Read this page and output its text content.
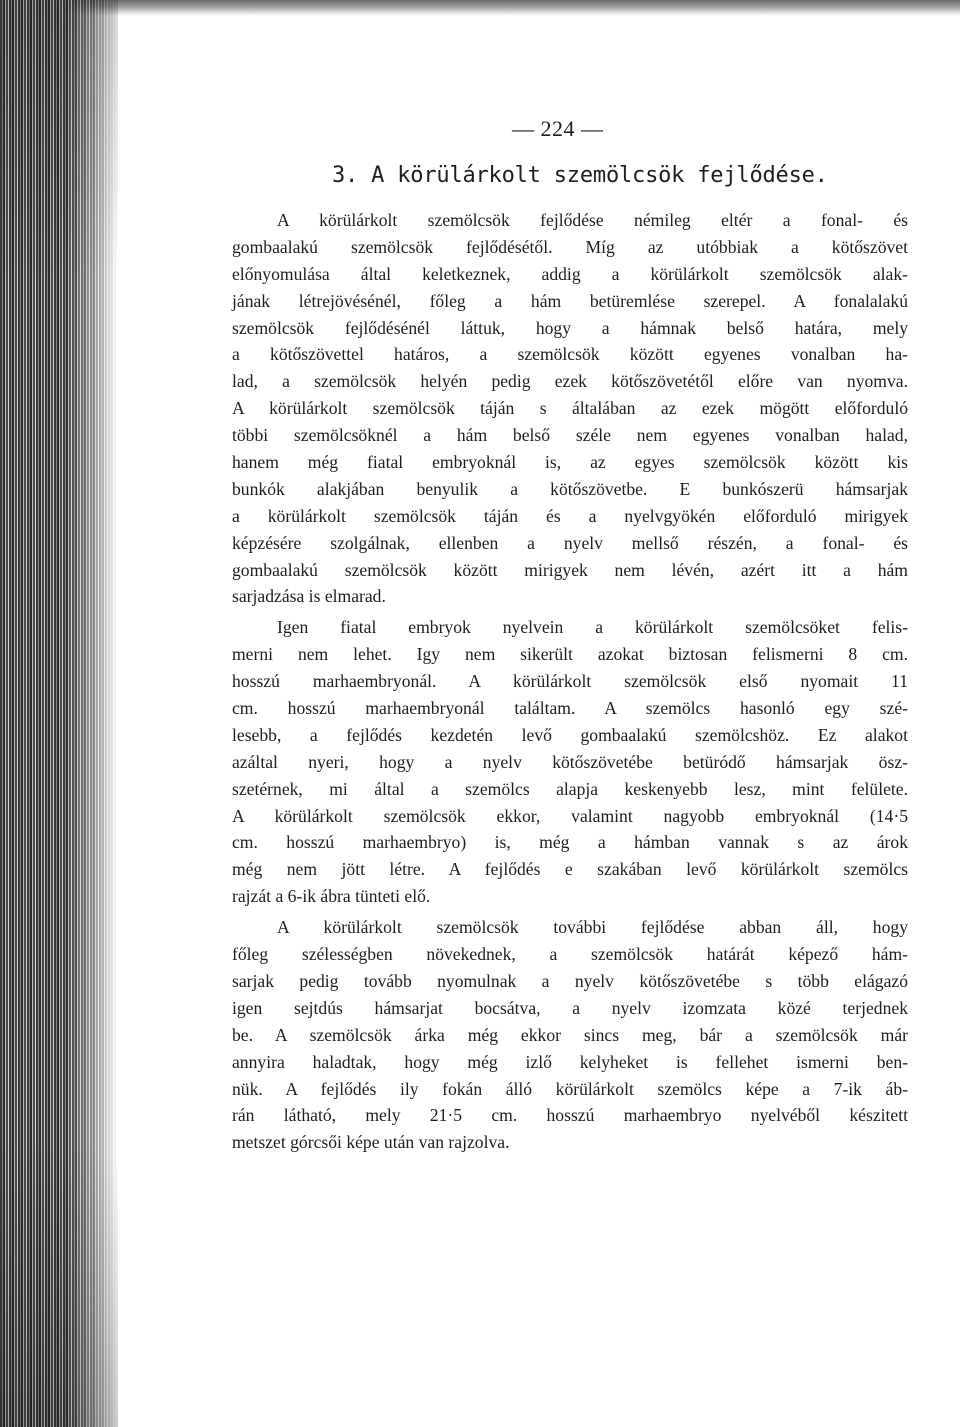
— 224 —
3. A körülárkolt szemölcsök fejlődése.
A körülárkolt szemölcsök fejlődése némileg eltér a fonal- és
gombaalakú szemölcsök fejlődésétől. Míg az utóbbiak a kötőszövet
előnyomulása által keletkeznek, addig a körülárkolt szemölcsök alak-
jának létrejövésénél, főleg a hám betüremlése szerepel. A fonalalakú
szemölcsök fejlődésénél láttuk, hogy a hámnak belső határa, mely
a kötőszövettel határos, a szemölcsök között egyenes vonalban ha-
lad, a szemölcsök helyén pedig ezek kötőszövetétől előre van nyomva.
A körülárkolt szemölcsök táján s általában az ezek mögött előforduló
többi szemölcsöknél a hám belső széle nem egyenes vonalban halad,
hanem még fiatal embryoknál is, az egyes szemölcsök között kis
bunkók alakjában benyulik a kötőszövetbe. E bunkószerü hámsarjak
a körülárkolt szemölcsök táján és a nyelvgyökén előforduló mirigyek
képzésére szolgálnak, ellenben a nyelv mellső részén, a fonal- és
gombaalakú szemölcsök között mirigyek nem lévén, azért itt a hám
sarjadzása is elmarad.
Igen fiatal embryok nyelvein a körülárkolt szemölcsöket felis-
merni nem lehet. Igy nem sikerült azokat biztosan felismerni 8 cm.
hosszú marhaembryonál. A körülárkolt szemölcsök első nyomait 11
cm. hosszú marhaembryonál találtam. A szemölcs hasonló egy szé-
lesebb, a fejlődés kezdetén levő gombaalakú szemölcshöz. Ez alakot
azáltal nyeri, hogy a nyelv kötőszövetébe betüródő hámsarjak ösz-
szetérnek, mi által a szemölcs alapja keskenyebb lesz, mint felülete.
A körülárkolt szemölcsök ekkor, valamint nagyobb embryoknál (14·5
cm. hosszú marhaembryo) is, még a hámban vannak s az árok
még nem jött létre. A fejlődés e szakában levő körülárkolt szemölcs
rajzát a 6-ik ábra tünteti elő.
A körülárkolt szemölcsök további fejlődése abban áll, hogy
főleg szélességben növekednek, a szemölcsök határát képező hám-
sarjak pedig tovább nyomulnak a nyelv kötőszövetébe s több elágazó
igen sejtdús hámsarjat bocsátva, a nyelv izomzata közé terjednek
be. A szemölcsök árka még ekkor sincs meg, bár a szemölcsök már
annyira haladtak, hogy még izlő kelyheket is fellehet ismerni ben-
nük. A fejlődés ily fokán álló körülárkolt szemölcs képe a 7-ik áb-
rán látható, mely 21·5 cm. hosszú marhaembryo nyelvéből készitett
metszet górcsői képe után van rajzolva.
